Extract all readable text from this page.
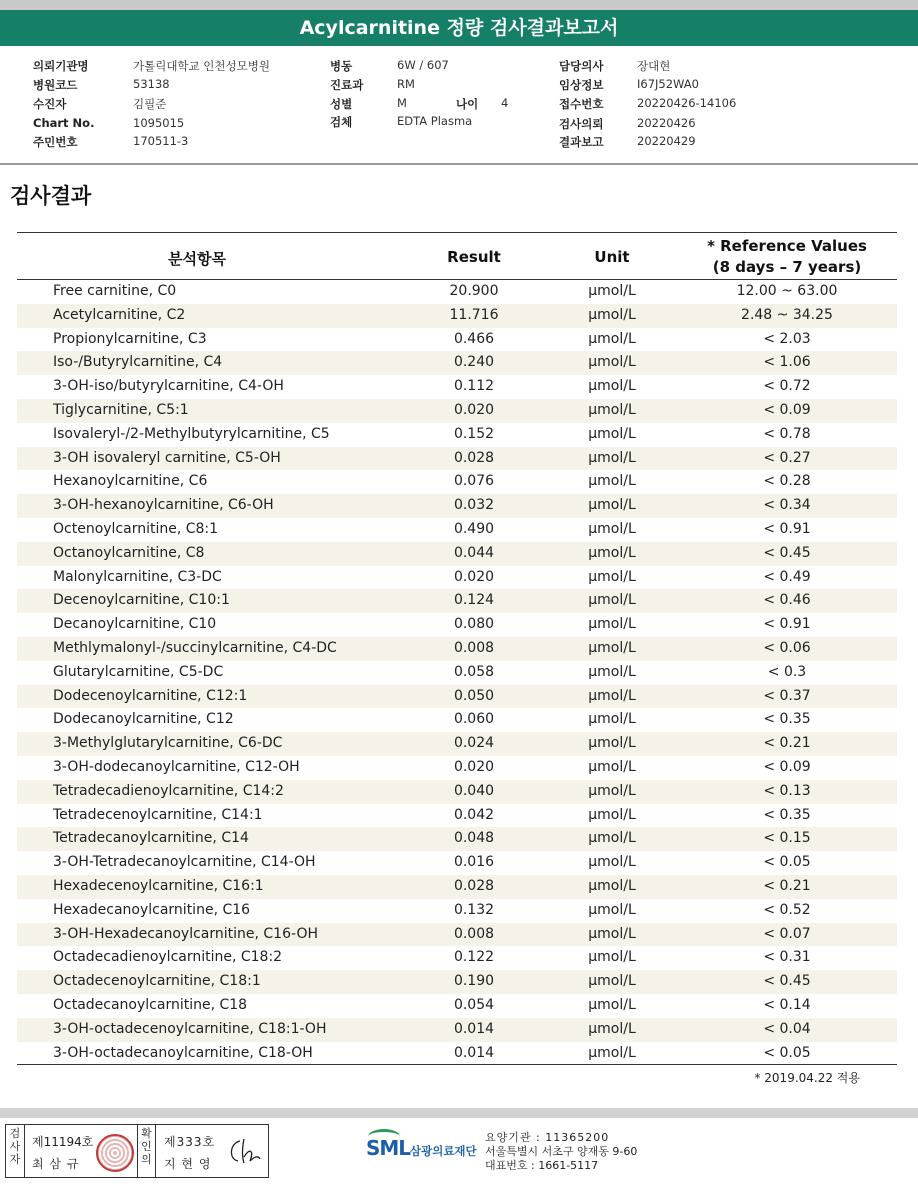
Acylcarnitine 정량 검사결과보고서
의뢰기관명	가톨릭대학교 인천성모병원
병원코드	53138
수진자	김필준
Chart No.	1095015
주민번호	170511-3
병동	6W / 607
진료과	RM
성별	M
검체	EDTA Plasma
나이 4
담당의사	장대현
임상정보	I67J52WA0
접수번호	20220426-14106
검사의뢰	20220426
결과보고	20220429
검사결과
분석항목	Result	Unit
* Reference Values
(8 days – 7 years)
Free carnitine, C0	20.900	μmol/L	12.00 ~ 63.00
Acetylcarnitine, C2	11.716	μmol/L	2.48 ~ 34.25
Propionylcarnitine, C3	0.466	μmol/L	< 2.03
Iso-/Butyrylcarnitine, C4	0.240	μmol/L	< 1.06
3-OH-iso/butyrylcarnitine, C4-OH	0.112	μmol/L	< 0.72
Tiglycarnitine, C5:1	0.020	μmol/L	< 0.09
Isovaleryl-/2-Methylbutyrylcarnitine, C5	0.152	μmol/L	< 0.78
3-OH isovaleryl carnitine, C5-OH	0.028	μmol/L	< 0.27
Hexanoylcarnitine, C6	0.076	μmol/L	< 0.28
3-OH-hexanoylcarnitine, C6-OH	0.032	μmol/L	< 0.34
Octenoylcarnitine, C8:1	0.490	μmol/L	< 0.91
Octanoylcarnitine, C8	0.044	μmol/L	< 0.45
Malonylcarnitine, C3-DC	0.020	μmol/L	< 0.49
Decenoylcarnitine, C10:1	0.124	μmol/L	< 0.46
Decanoylcarnitine, C10	0.080	μmol/L	< 0.91
Methlymalonyl-/succinylcarnitine, C4-DC	0.008	μmol/L	< 0.06
Glutarylcarnitine, C5-DC	0.058	μmol/L	< 0.3
Dodecenoylcarnitine, C12:1	0.050	μmol/L	< 0.37
Dodecanoylcarnitine, C12	0.060	μmol/L	< 0.35
3-Methylglutarylcarnitine, C6-DC	0.024	μmol/L	< 0.21
3-OH-dodecanoylcarnitine, C12-OH	0.020	μmol/L	< 0.09
Tetradecadienoylcarnitine, C14:2	0.040	μmol/L	< 0.13
Tetradecenoylcarnitine, C14:1	0.042	μmol/L	< 0.35
Tetradecanoylcarnitine, C14	0.048	μmol/L	< 0.15
3-OH-Tetradecanoylcarnitine, C14-OH	0.016	μmol/L	< 0.05
Hexadecenoylcarnitine, C16:1	0.028	μmol/L	< 0.21
Hexadecanoylcarnitine, C16	0.132	μmol/L	< 0.52
3-OH-Hexadecanoylcarnitine, C16-OH	0.008	μmol/L	< 0.07
Octadecadienoylcarnitine, C18:2	0.122	μmol/L	< 0.31
Octadecenoylcarnitine, C18:1	0.190	μmol/L	< 0.45
Octadecanoylcarnitine, C18	0.054	μmol/L	< 0.14
3-OH-octadecenoylcarnitine, C18:1-OH	0.014	μmol/L	< 0.04
3-OH-octadecanoylcarnitine, C18-OH	0.014	μmol/L	< 0.05
* 2019.04.22 적용
검
사
자
제11194호
최 삼 규
확
인
의
제333호
지 현 영
SML 삼광의료재단
요양기관 : 11365200
서울특별시 서초구 양재동 9-60
대표번호 : 1661-5117
